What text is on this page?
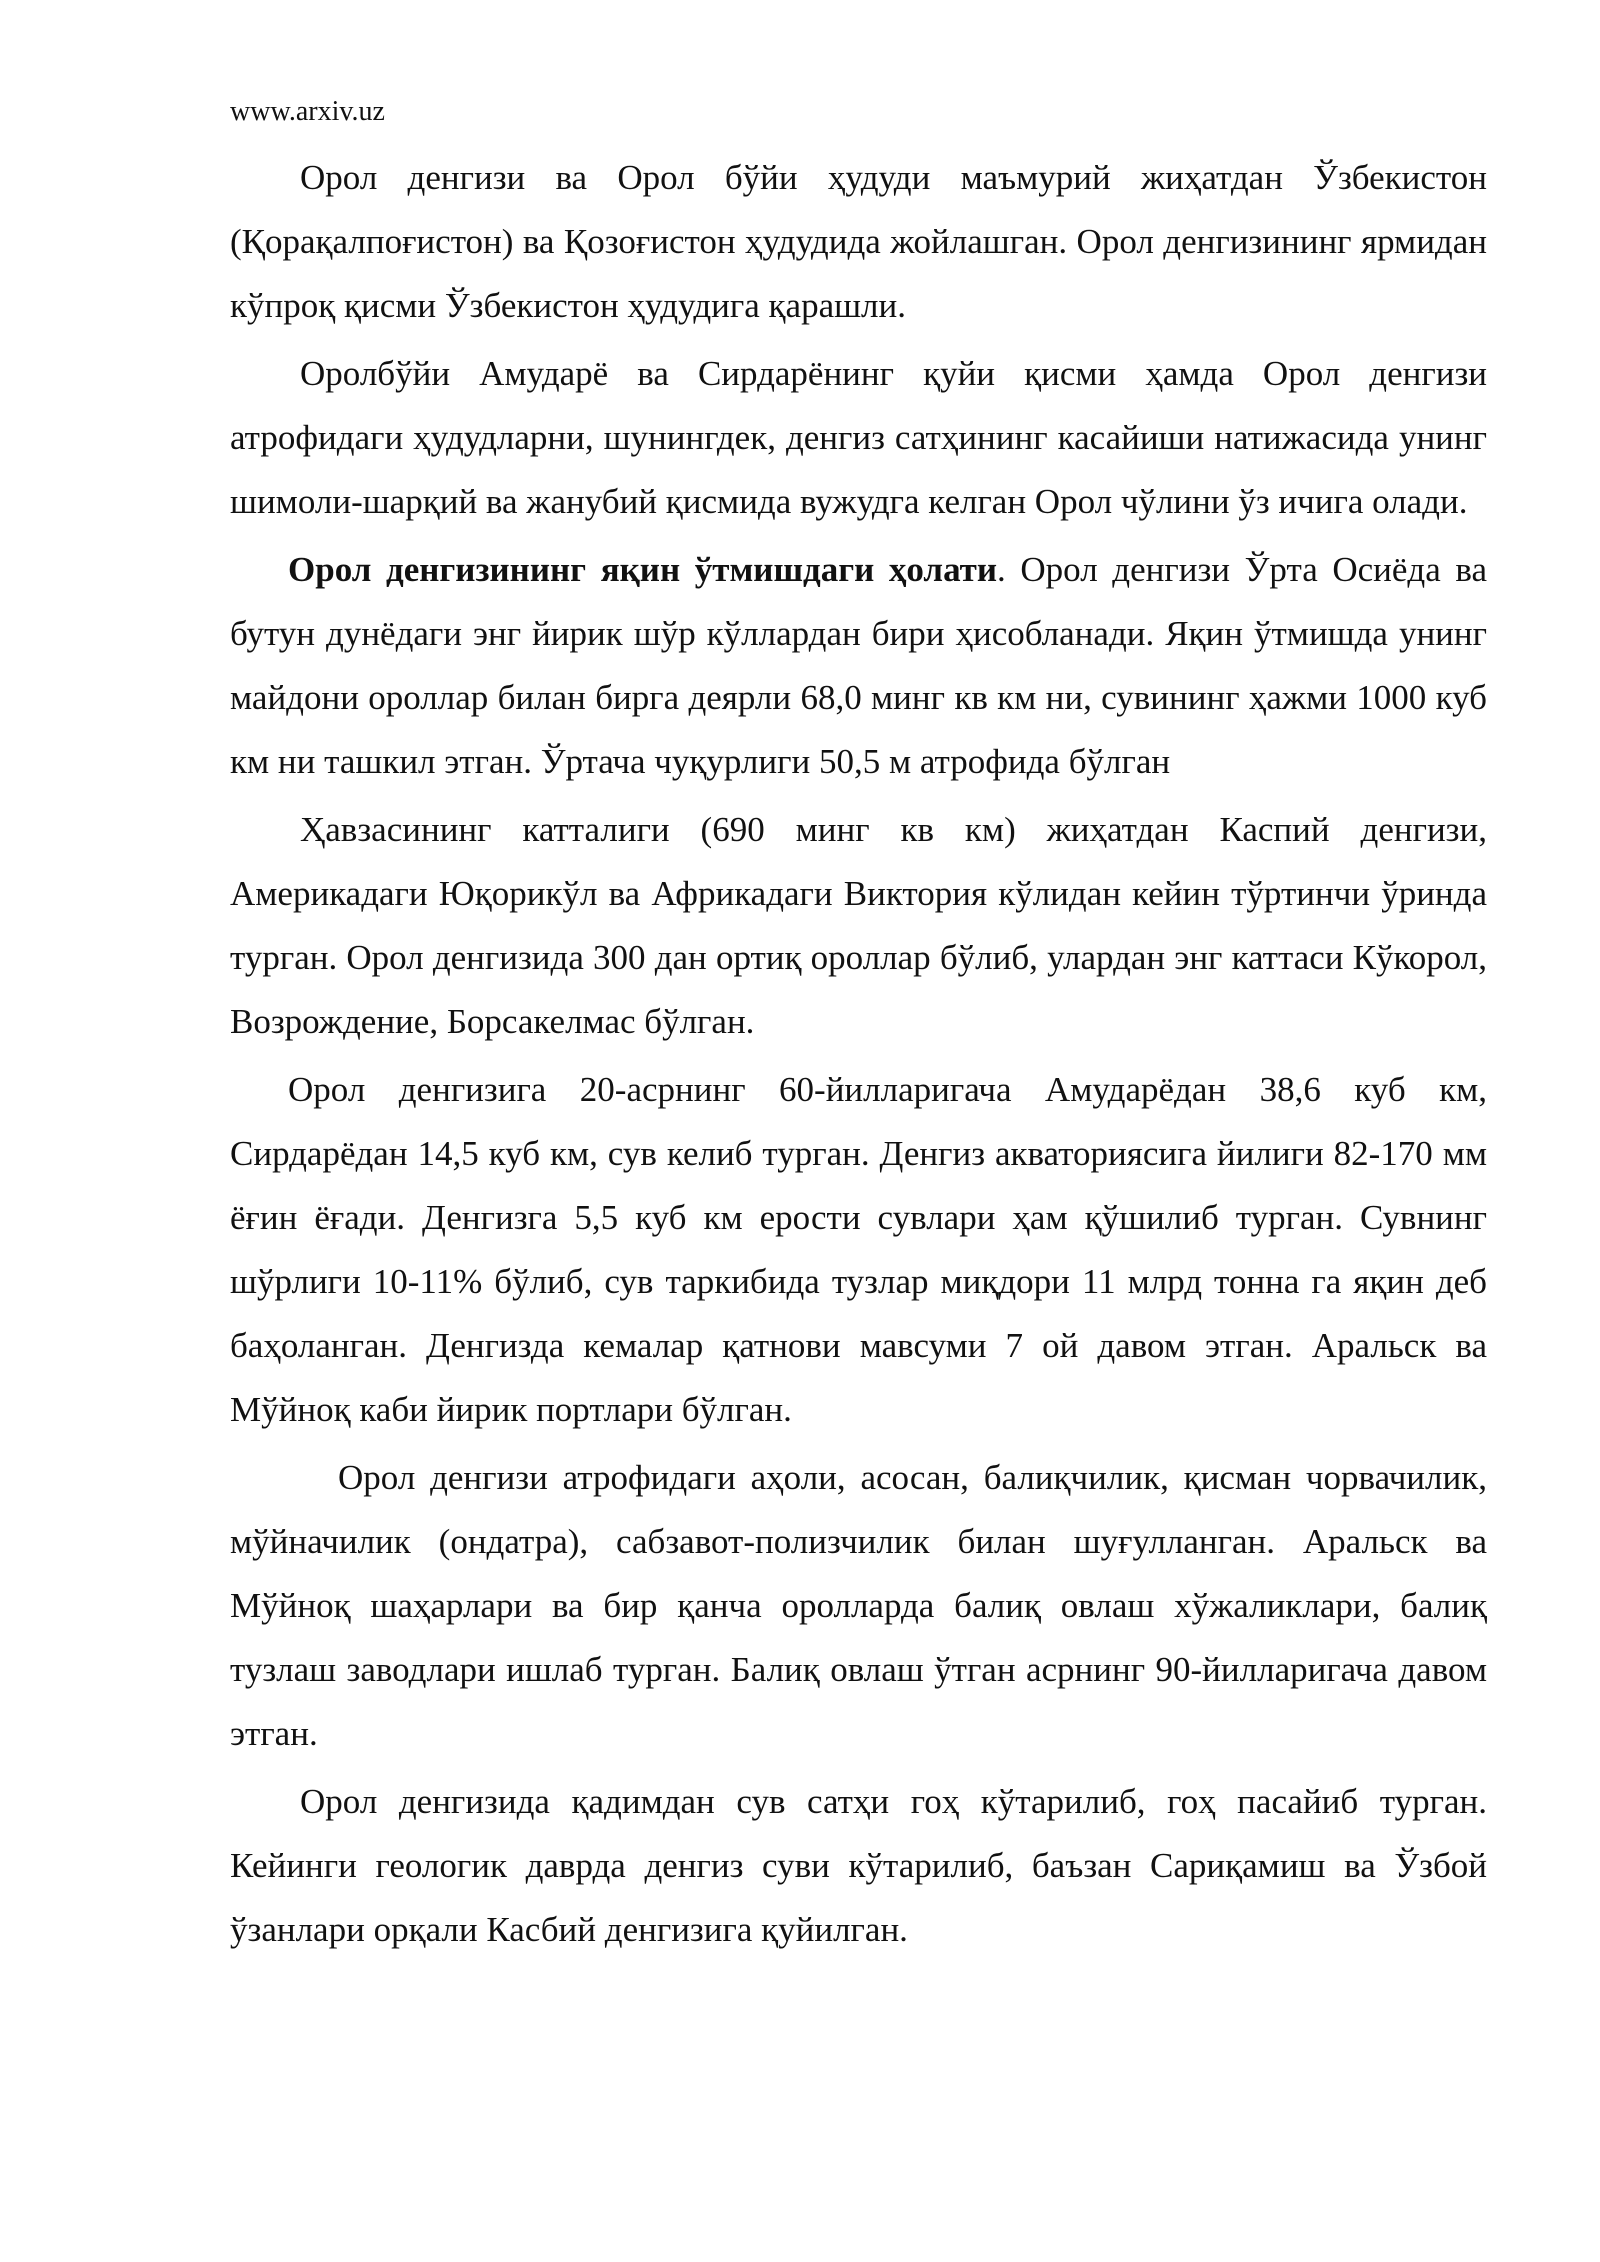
www.arxiv.uz

Орол денгизи ва Орол бўйи ҳудуди маъмурий жиҳатдан Ўзбекистон (Қорақалпоғистон) ва Қозоғистон ҳудудида жойлашган. Орол денгизининг ярмидан кўпроқ қисми Ўзбекистон ҳудудига қарашли.

Оролбўйи Амударё ва Сирдарёнинг қуйи қисми ҳамда Орол денгизи атрофидаги ҳудудларни, шунингдек, денгиз сатҳининг касайиши натижасида унинг шимоли-шарқий ва жанубий қисмида вужудга келган Орол чўлини ўз ичига олади.

Орол денгизининг яқин ўтмишдаги ҳолати. Орол денгизи Ўрта Осиёда ва бутун дунёдаги энг йирик шўр кўллардан бири ҳисобланади. Яқин ўтмишда унинг майдони ороллар билан бирга деярли 68,0 минг кв км ни, сувининг ҳажми 1000 куб км ни ташкил этган. Ўртача чуқурлиги 50,5 м атрофида бўлган

Ҳавзасининг катталиги (690 минг кв км) жиҳатдан Каспий денгизи, Америкадаги Юқорикўл ва Африкадаги Виктория кўлидан кейин тўртинчи ўринда турган. Орол денгизида 300 дан ортиқ ороллар бўлиб, улардан энг каттаси Кўкорол, Возрождение, Борсакелмас бўлган.

Орол денгизига 20-асрнинг 60-йилларигача Амударёдан 38,6 куб км, Сирдарёдан 14,5 куб км, сув келиб турган. Денгиз акваториясига йилиги 82-170 мм ёғин ёғади. Денгизга 5,5 куб км ерости сувлари ҳам қўшилиб турган. Сувнинг шўрлиги 10-11% бўлиб, сув таркибида тузлар миқдори 11 млрд тонна га яқин деб баҳоланган. Денгизда кемалар қатнови мавсуми 7 ой давом этган. Аральск ва Мўйноқ каби йирик портлари бўлган.

Орол денгизи атрофидаги аҳоли, асосан, балиқчилик, қисман чорвачилик, мўйначилик (ондатра), сабзавот-полизчилик билан шуғулланган. Аральск ва Мўйноқ шаҳарлари ва бир қанча оролларда балиқ овлаш хўжаликлари, балиқ тузлаш заводлари ишлаб турган. Балиқ овлаш ўтган асрнинг 90-йилларигача давом этган.

Орол денгизида қадимдан сув сатҳи гоҳ кўтарилиб, гоҳ пасайиб турган. Кейинги геологик даврда денгиз суви кўтарилиб, баъзан Сариқамиш ва Ўзбой ўзанлари орқали Касбий денгизига қуйилган.
